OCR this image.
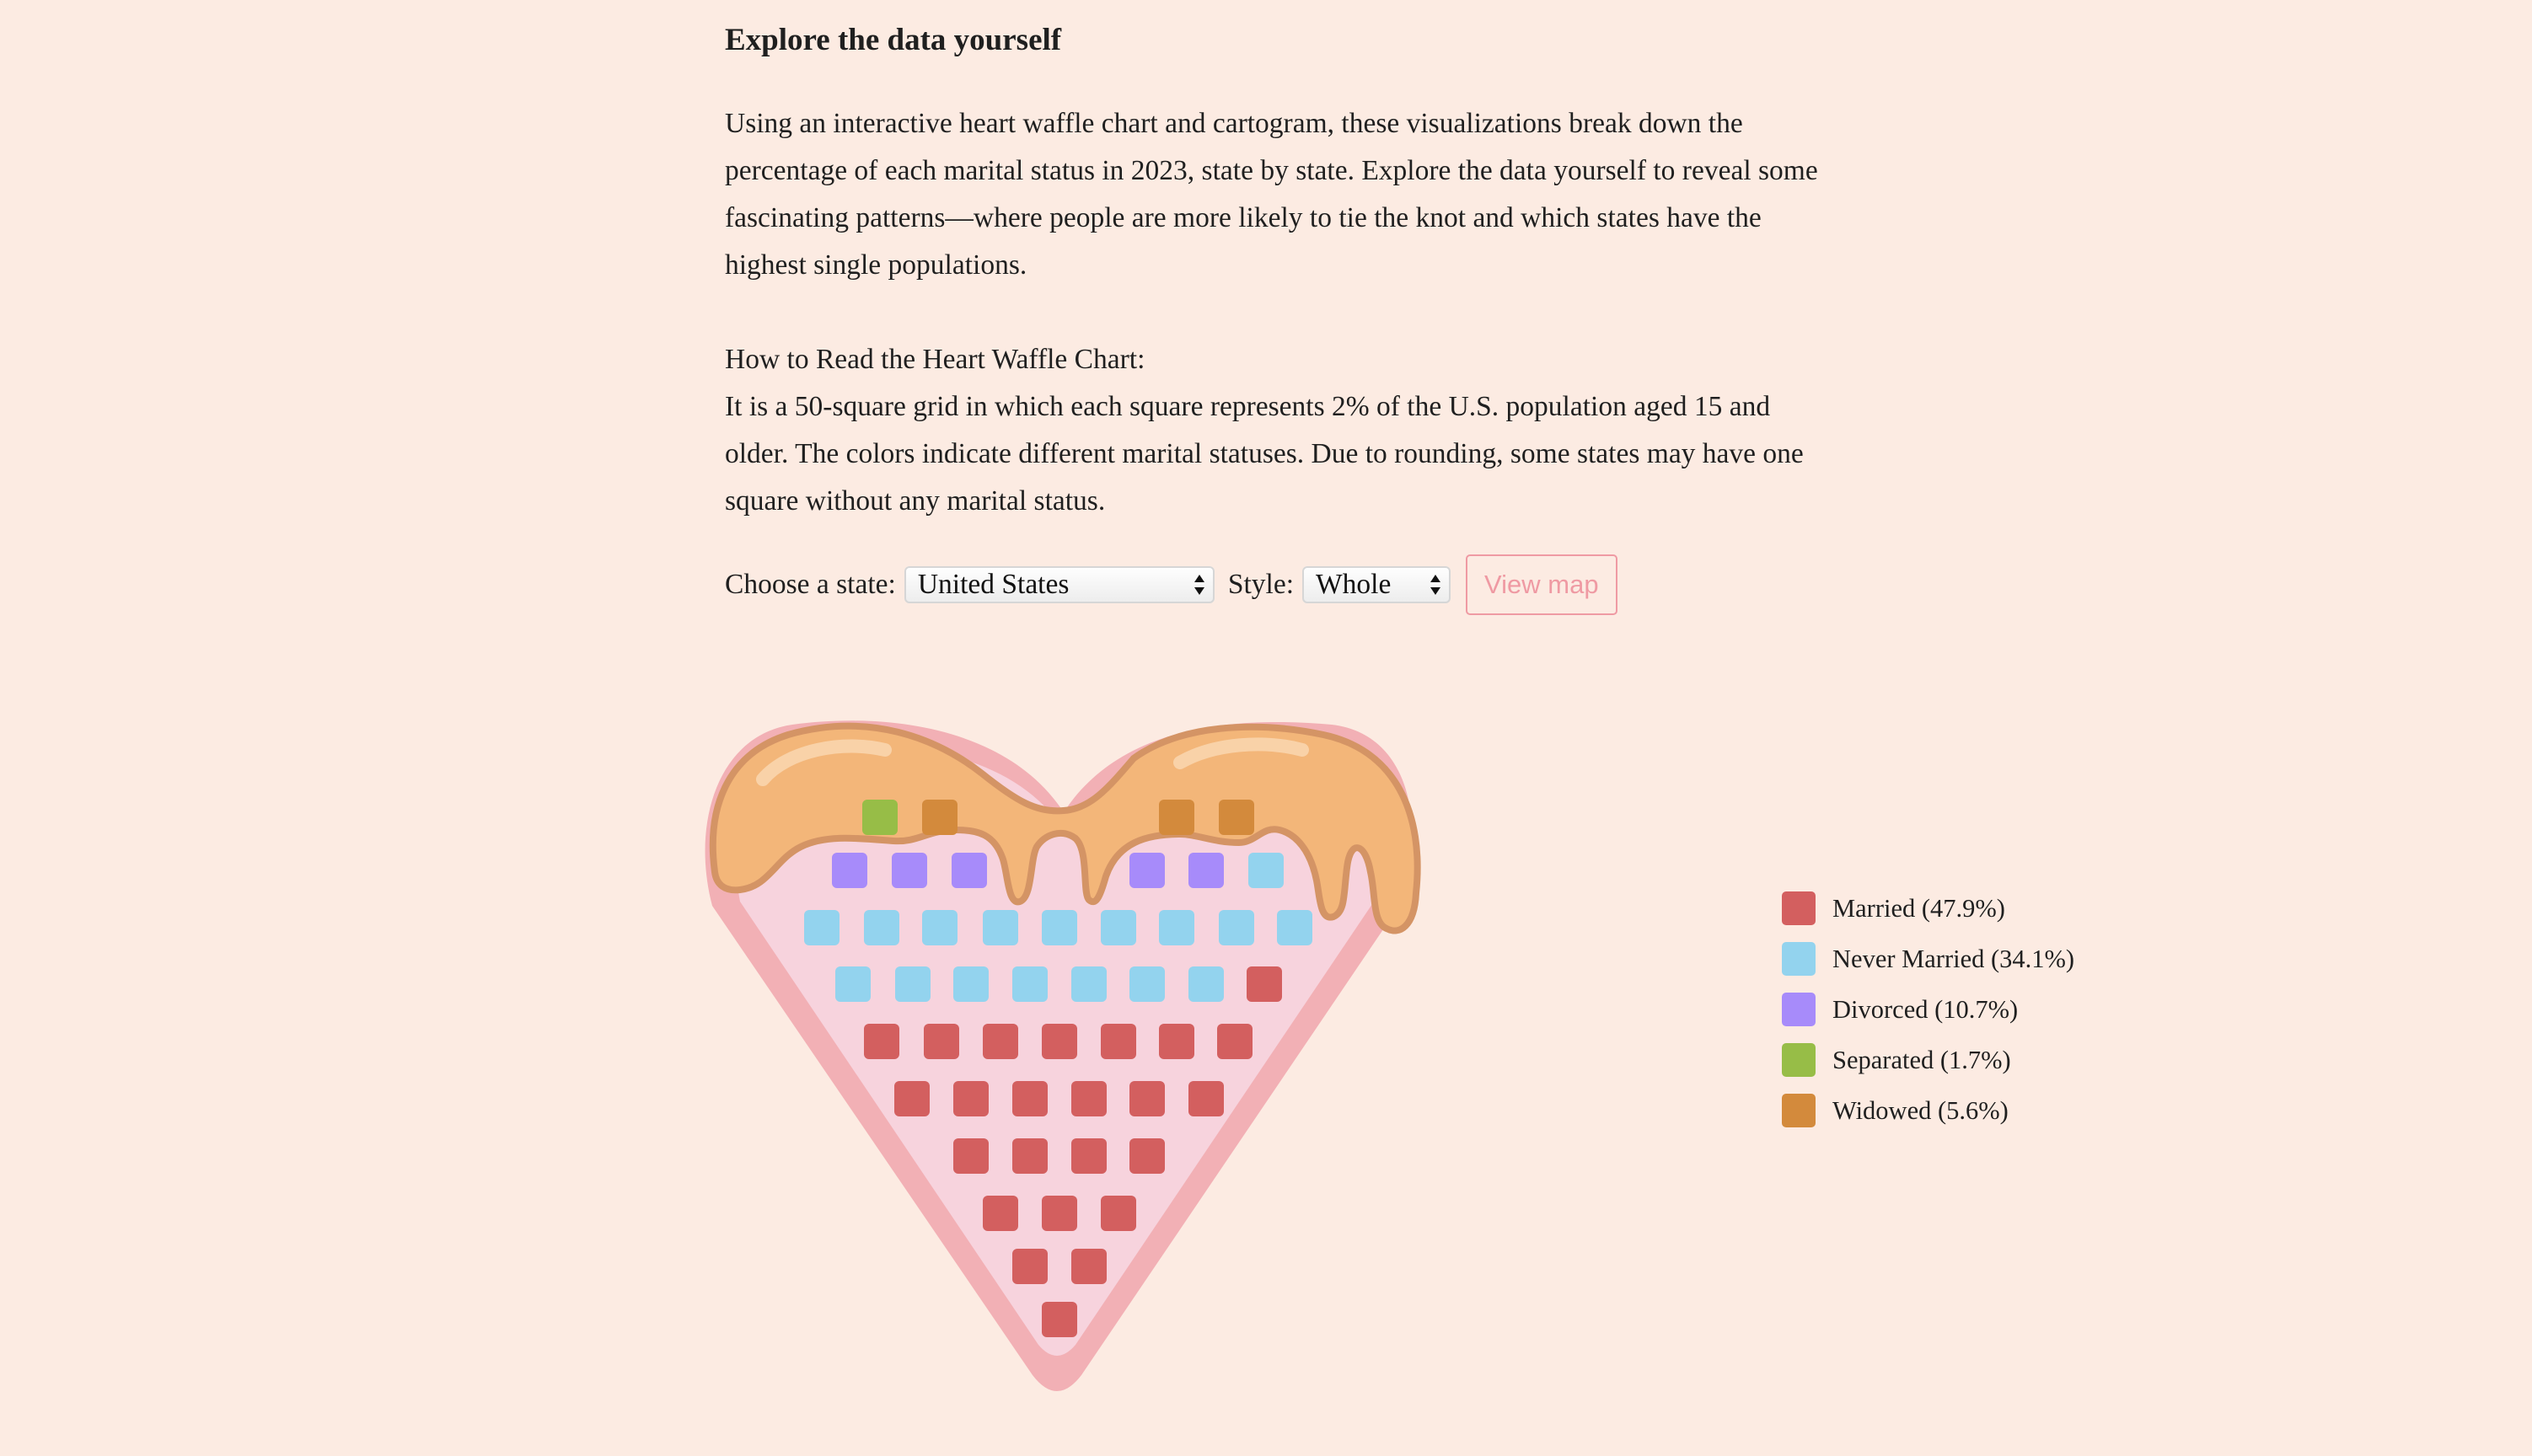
Explore the data yourself

Using an interactive heart waffle chart and cartogram, these visualizations break down the percentage of each marital status in 2023, state by state. Explore the data yourself to reveal some fascinating patterns—where people are more likely to tie the knot and which states have the highest single populations.

How to Read the Heart Waffle Chart:
It is a 50-square grid in which each square represents 2% of the U.S. population aged 15 and older. The colors indicate different marital statuses. Due to rounding, some states may have one square without any marital status.

Choose a state: United States	Style: Whole	View map
Married (47.9%)
Never Married (34.1%)
Divorced (10.7%)
Separated (1.7%)
Widowed (5.6%)
